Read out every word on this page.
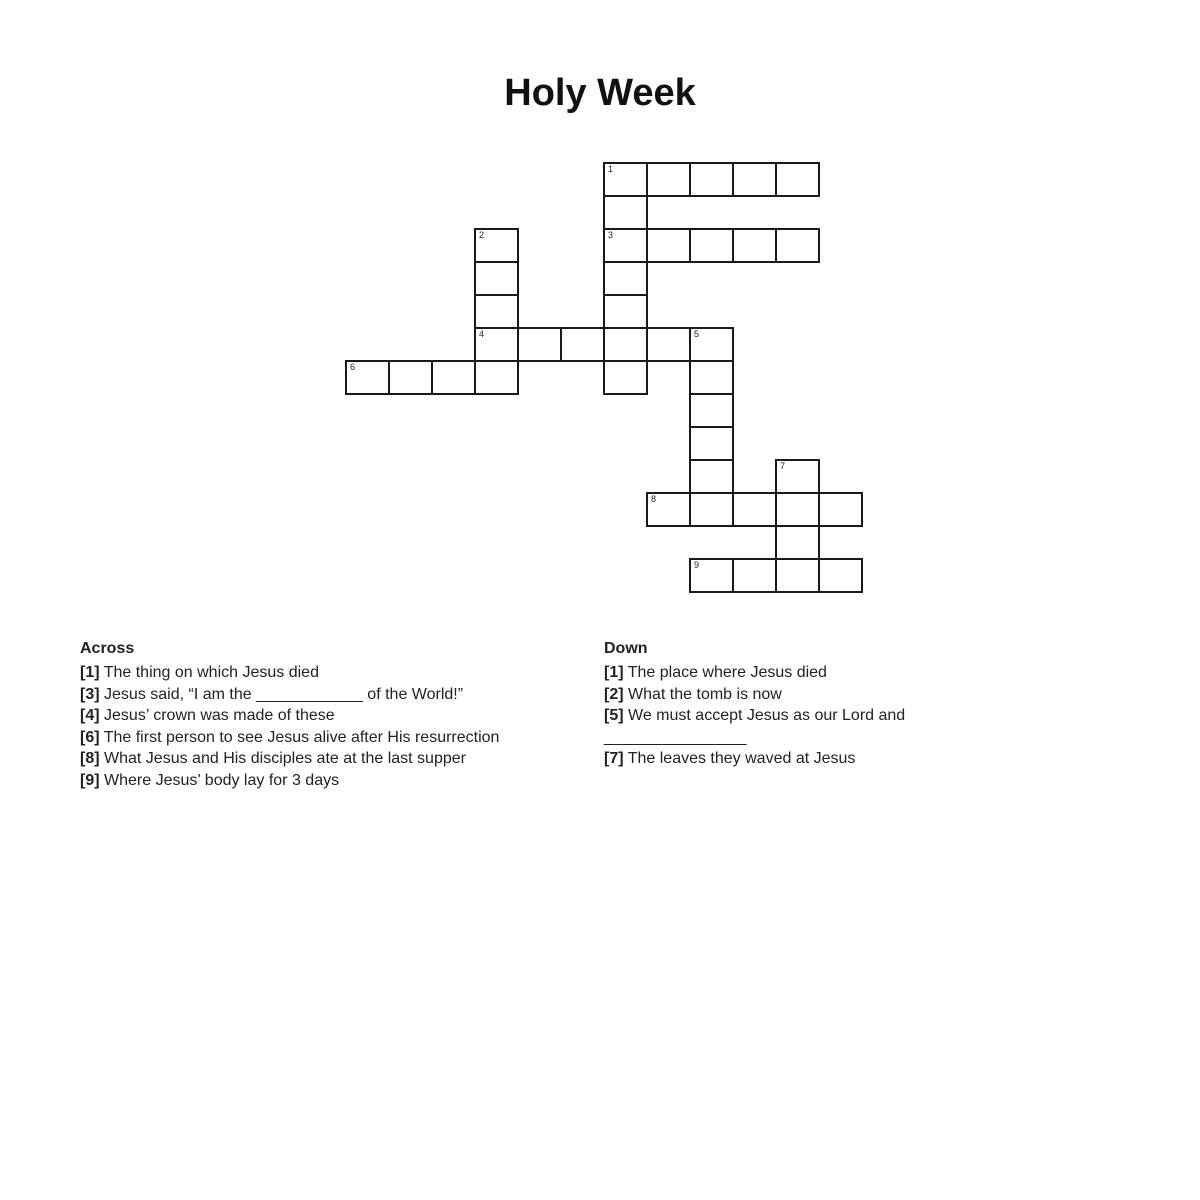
Holy Week
1
2	3
4	5
6
7
8
9
Across

[1] The thing on which Jesus died

[3] Jesus said, “I am the ____________ of the World!”

[4] Jesus’ crown was made of these

[6] The first person to see Jesus alive after His resurrection

[8] What Jesus and His disciples ate at the last supper

[9] Where Jesus’ body lay for 3 days

Down

[1] The place where Jesus died

[2] What the tomb is now

[5] We must accept Jesus as our Lord and ________________

[7] The leaves they waved at Jesus
